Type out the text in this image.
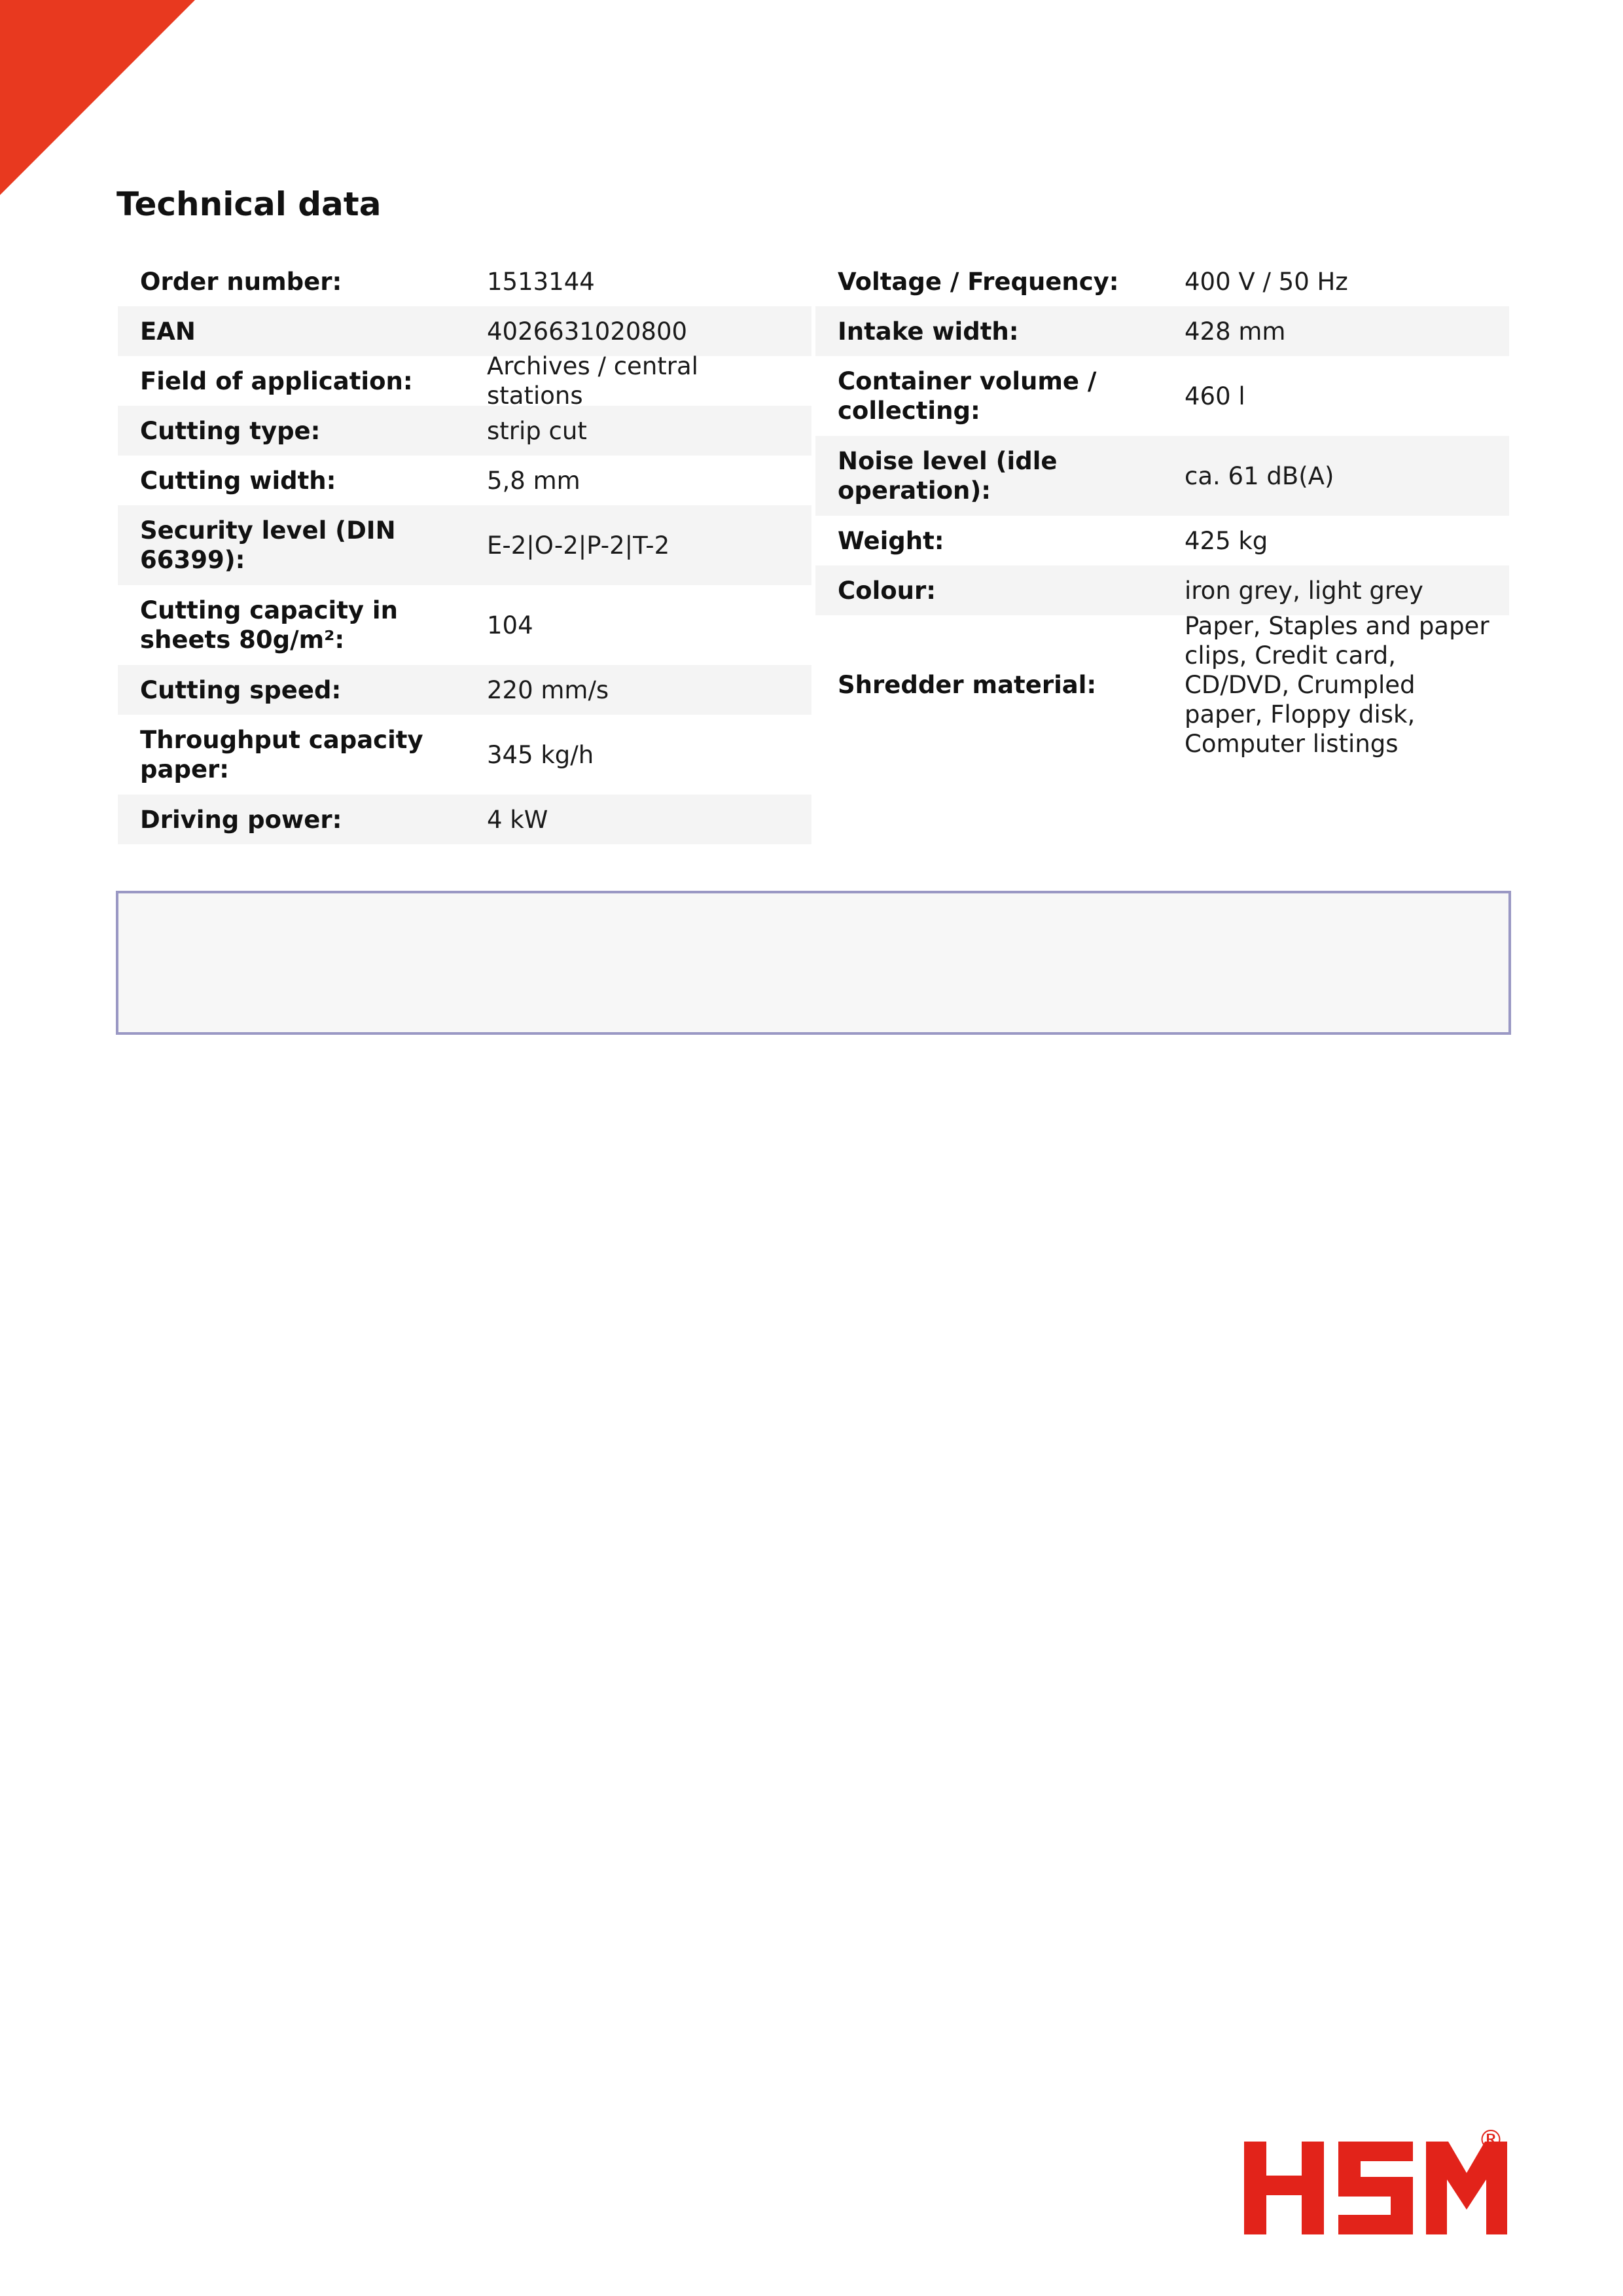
Technical data
Order number:	1513144
EAN	4026631020800
Field of application:
Archives / central stations
Cutting type:	strip cut
Cutting width:	5,8 mm
Security level (DIN 66399):
E-2|O-2|P-2|T-2
Cutting capacity in sheets 80g/m²:
104
Cutting speed:	220 mm/s
Throughput capacity paper:
345 kg/h
Driving power:	4 kW
Voltage / Frequency:	400 V / 50 Hz
Intake width:	428 mm
Container volume / collecting:
460 l
Noise level (idle operation):
ca. 61 dB(A)
Weight:	425 kg
Colour:	iron grey, light grey
Shredder material:
Paper, Staples and paper clips, Credit card, CD/DVD, Crumpled paper, Floppy disk, Computer listings
®
